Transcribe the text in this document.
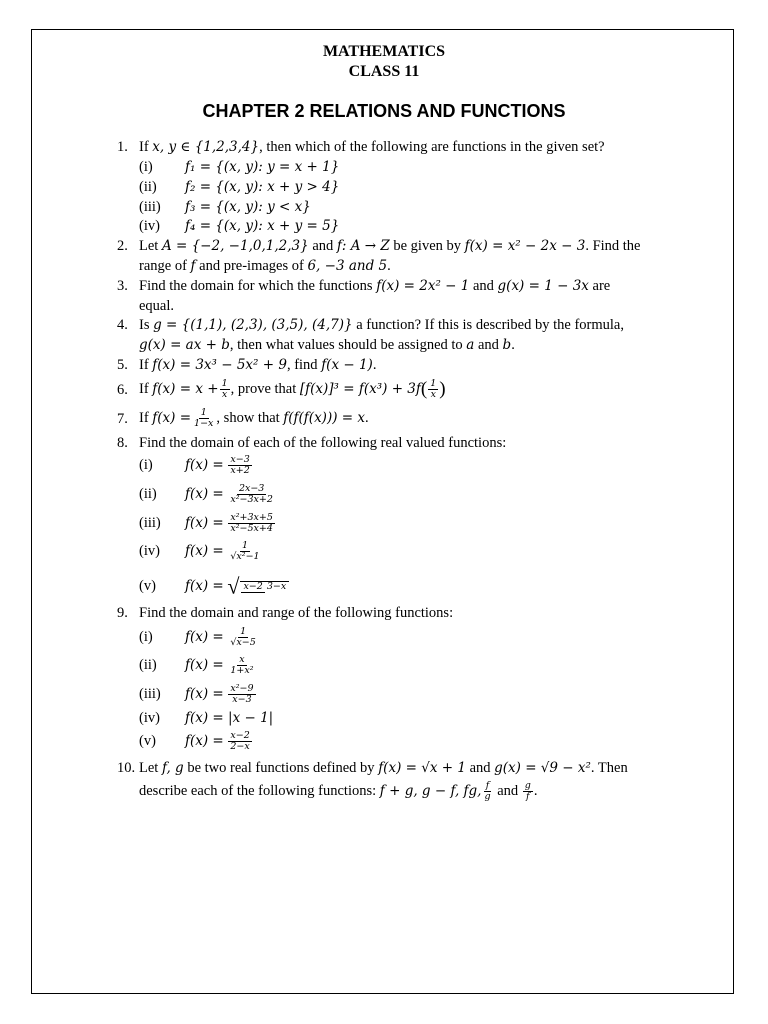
MATHEMATICS
CLASS 11
CHAPTER 2 RELATIONS AND FUNCTIONS
1. If x, y ∈ {1,2,3,4}, then which of the following are functions in the given set?
(i) f₁ = {(x, y): y = x + 1}
(ii) f₂ = {(x, y): x + y > 4}
(iii) f₃ = {(x, y): y < x}
(iv) f₄ = {(x, y): x + y = 5}
2. Let A = {−2, −1,0,1,2,3} and f: A → Z be given by f(x) = x² − 2x − 3. Find the
range of f and pre-images of 6, −3 and 5.
3. Find the domain for which the functions f(x) = 2x² − 1 and g(x) = 1 − 3x are
equal.
4. Is g = {(1,1), (2,3), (3,5), (4,7)} a function? If this is described by the formula,
g(x) = ax + b, then what values should be assigned to a and b.
5. If f(x) = 3x³ − 5x² + 9, find f(x − 1).
6. If $f(x) = x + \frac{1}{x}$ , prove that $[f(x)]^3 = f(x^3) + 3f( \frac{1}{x}$ )
7. If $f(x) = \frac{1}{1-x}$ , show that f(f(f(x))) = x.
8. Find the domain of each of the following real valued functions:
(i) $f(x) = \frac{x-3}{x+2}$
(ii) $f(x) = \frac{2x-3}{\text{x²−3x+2}}$
(iii) $f(x) = \frac{\text{x²+3x+5}}{\text{x²−5x+4}}$
(iv) $f(x) = \frac{1}{\text{√x²−1}}$
(v) f(x) = √ x−2 3−x
9. Find the domain and range of the following functions:
(i) $f(x) = \frac{1}{√x-5}$
(ii) $f(x) = \frac{x}{\text{1+x²}}$
(iii) $f(x) = \frac{\text{x²−9}}{x-3}$
(iv) f(x) = |x − 1|
(v) $f(x) = \frac{x-2}{2-x}$
10. Let f, g be two real functions defined by f(x) = √x + 1 and g(x) = √9 − x². Then
describe each of the following functions: f + g, g − f, fg, $\frac{f}{g}$ and $\frac{g}{f}$ .
